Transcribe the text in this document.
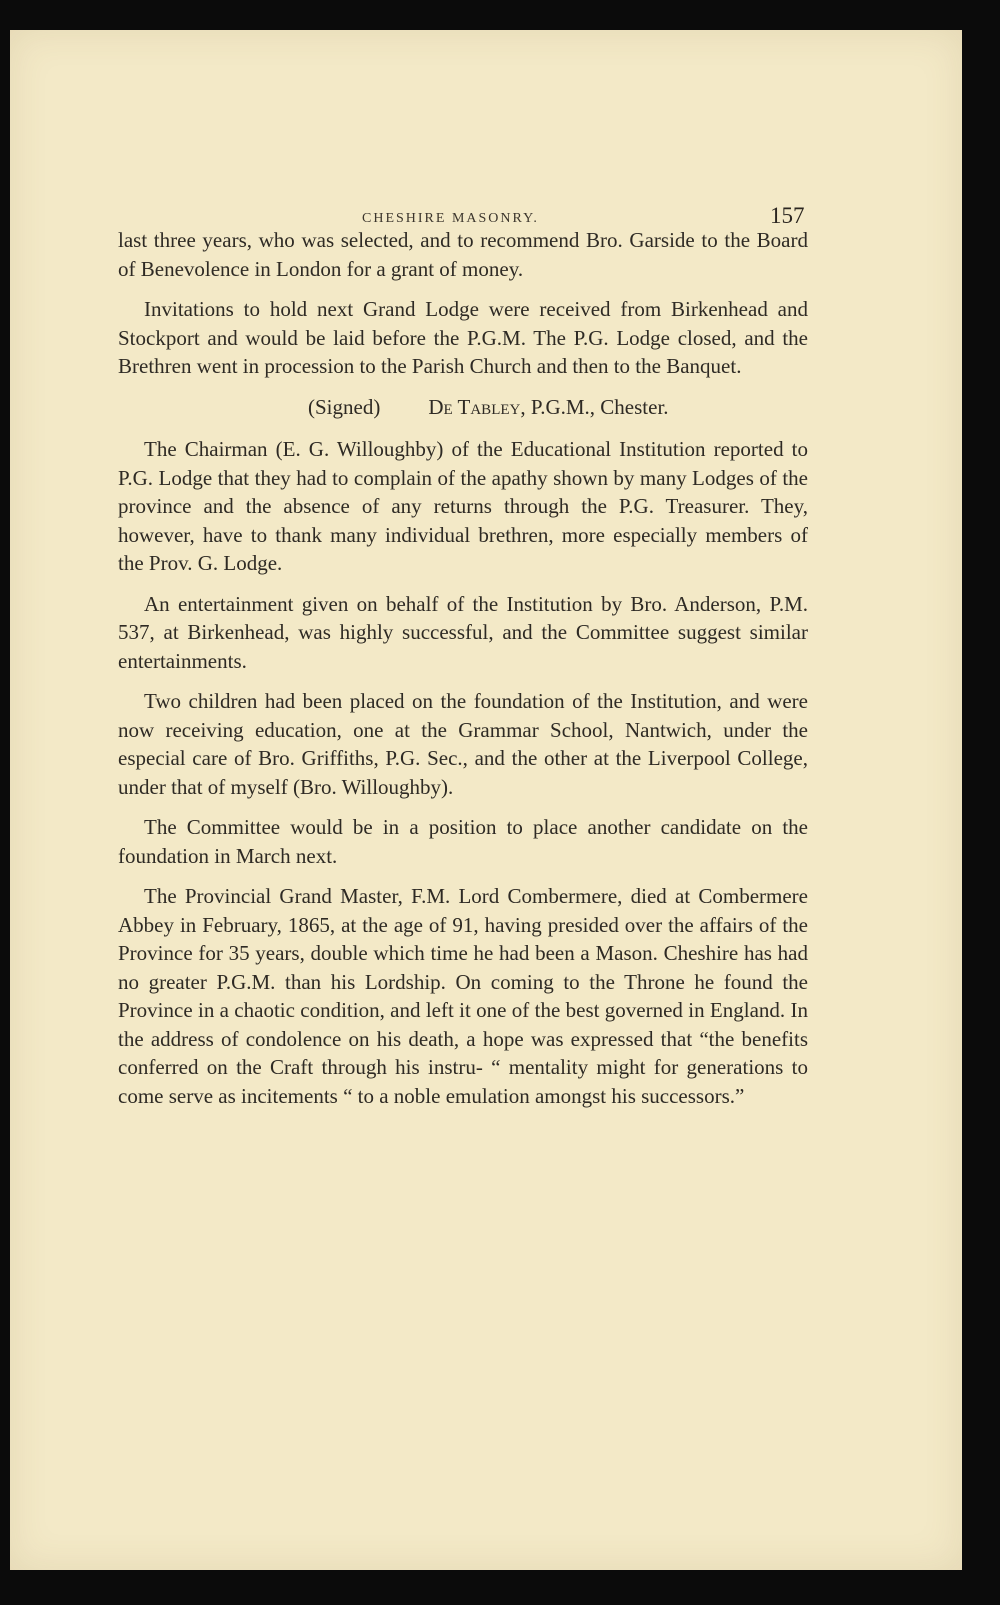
CHESHIRE MASONRY.	157

last three years, who was selected, and to recommend Bro. Garside to the Board of Benevolence in London for a grant of money.

Invitations to hold next Grand Lodge were received from Birkenhead and Stockport and would be laid before the P.G.M. The P.G. Lodge closed, and the Brethren went in procession to the Parish Church and then to the Banquet.

(Signed) De Tabley, P.G.M., Chester.

The Chairman (E. G. Willoughby) of the Educational Institution reported to P.G. Lodge that they had to complain of the apathy shown by many Lodges of the province and the absence of any returns through the P.G. Treasurer. They, however, have to thank many individual brethren, more especially members of the Prov. G. Lodge.

An entertainment given on behalf of the Institution by Bro. Anderson, P.M. 537, at Birkenhead, was highly successful, and the Committee suggest similar entertainments.

Two children had been placed on the foundation of the Institution, and were now receiving education, one at the Grammar School, Nantwich, under the especial care of Bro. Griffiths, P.G. Sec., and the other at the Liverpool College, under that of myself (Bro. Willoughby).

The Committee would be in a position to place another candidate on the foundation in March next.

The Provincial Grand Master, F.M. Lord Combermere, died at Combermere Abbey in February, 1865, at the age of 91, having presided over the affairs of the Province for 35 years, double which time he had been a Mason. Cheshire has had no greater P.G.M. than his Lordship. On coming to the Throne he found the Province in a chaotic condition, and left it one of the best governed in England. In the address of condolence on his death, a hope was expressed that “the benefits conferred on the Craft through his instru- “ mentality might for generations to come serve as incitements “ to a noble emulation amongst his successors.”
